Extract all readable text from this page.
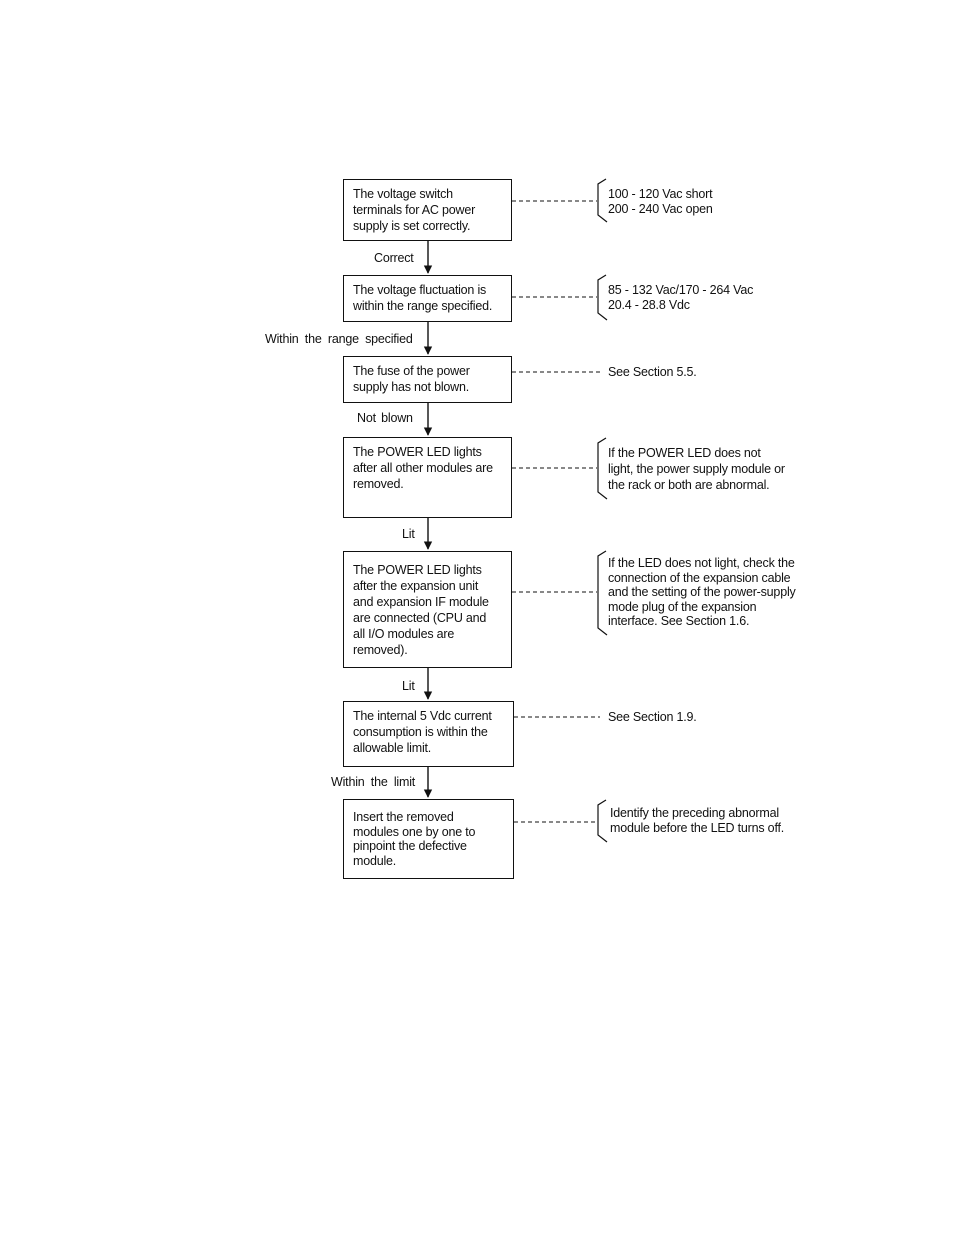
The voltage switch
terminals for AC power
supply is set correctly.
The voltage fluctuation is
within the range specified.
The fuse of the power
supply has not blown.
The POWER LED lights
after all other modules are
removed.
The POWER LED lights
after the expansion unit
and expansion IF module
are connected (CPU and
all I/O modules are
removed).
The internal 5 Vdc current
consumption is within the
allowable limit.
Insert the removed
modules one by one to
pinpoint the defective
module.
Correct
Within the range specified
Not blown
Lit
Lit
Within the limit
100 - 120 Vac short
200 - 240 Vac open
85 - 132 Vac/170 - 264 Vac
20.4 - 28.8 Vdc
See Section 5.5.
If the POWER LED does not
light, the power supply module or
the rack or both are abnormal.
If the LED does not light, check the
connection of the expansion cable
and the setting of the power-supply
mode plug of the expansion
interface. See Section 1.6.
See Section 1.9.
Identify the preceding abnormal
module before the LED turns off.
